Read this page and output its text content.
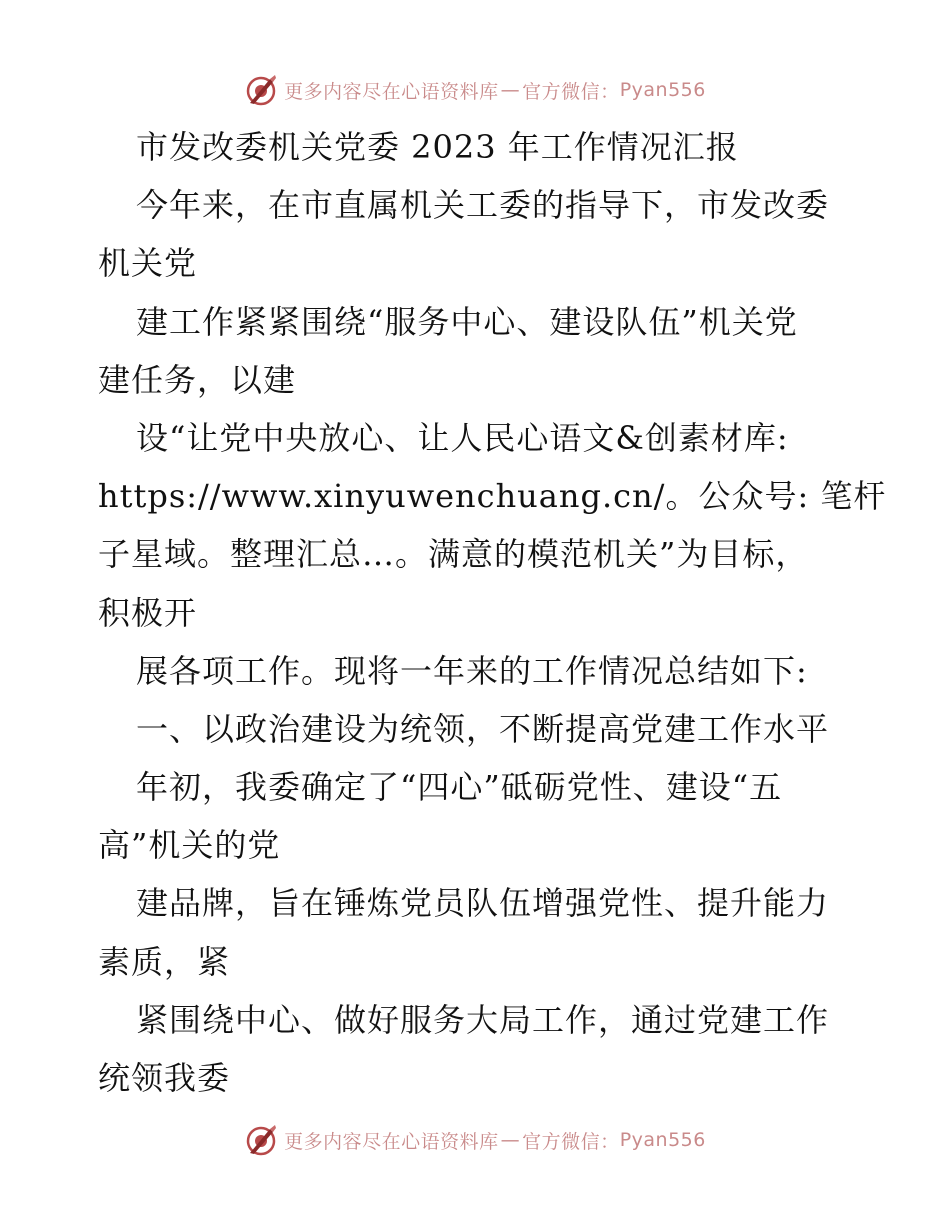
更多内容尽在心语资料库 — 官方微信： Pyan556
市发改委机关党委 2023 年工作情况汇报
今年来，在市直属机关工委的指导下，市发改委
机关党
建工作紧紧围绕“服务中心、建设队伍”机关党
建任务，以建
设“让党中央放心、让人民心语文&创素材库:
https://www.xinyuwenchuang.cn/。公众号: 笔杆
子星域。整理汇总…。满意的模范机关”为目标，
积极开
展各项工作。现将一年来的工作情况总结如下:
一、以政治建设为统领，不断提高党建工作水平
年初，我委确定了“四心”砥砺党性、建设“五
高”机关的党
建品牌，旨在锤炼党员队伍增强党性、提升能力
素质，紧
紧围绕中心、做好服务大局工作，通过党建工作
统领我委
更多内容尽在心语资料库 — 官方微信： Pyan556
